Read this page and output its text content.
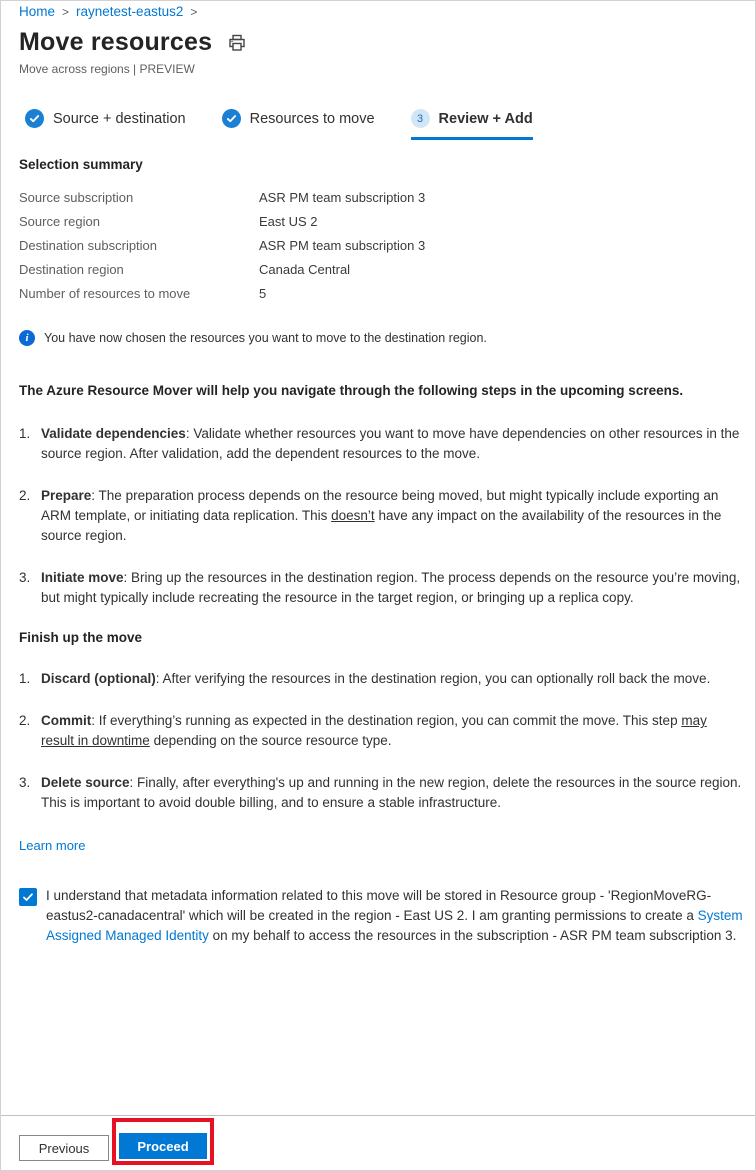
Home > raynetest-eastus2 >
Move resources
Move across regions | PREVIEW
Source + destination	Resources to move	3	Review + Add
Selection summary
Source subscription	ASR PM team subscription 3
Source region	East US 2
Destination subscription	ASR PM team subscription 3
Destination region	Canada Central
Number of resources to move	5
i	You have now chosen the resources you want to move to the destination region.
The Azure Resource Mover will help you navigate through the following steps in the upcoming screens.
1. Validate dependencies: Validate whether resources you want to move have dependencies on other resources in the source region. After validation, add the dependent resources to the move.
2. Prepare: The preparation process depends on the resource being moved, but might typically include exporting an ARM template, or initiating data replication. This doesn’t have any impact on the availability of the resources in the source region.
3. Initiate move: Bring up the resources in the destination region. The process depends on the resource you’re moving, but might typically include recreating the resource in the target region, or bringing up a replica copy.
Finish up the move
1. Discard (optional): After verifying the resources in the destination region, you can optionally roll back the move.
2. Commit: If everything’s running as expected in the destination region, you can commit the move. This step may result in downtime depending on the source resource type.
3. Delete source: Finally, after everything's up and running in the new region, delete the resources in the source region. This is important to avoid double billing, and to ensure a stable infrastructure.
Learn more
I understand that metadata information related to this move will be stored in Resource group - 'RegionMoveRG-eastus2-canadacentral' which will be created in the region - East US 2. I am granting permissions to create a System Assigned Managed Identity on my behalf to access the resources in the subscription - ASR PM team subscription 3.
Previous	Proceed
